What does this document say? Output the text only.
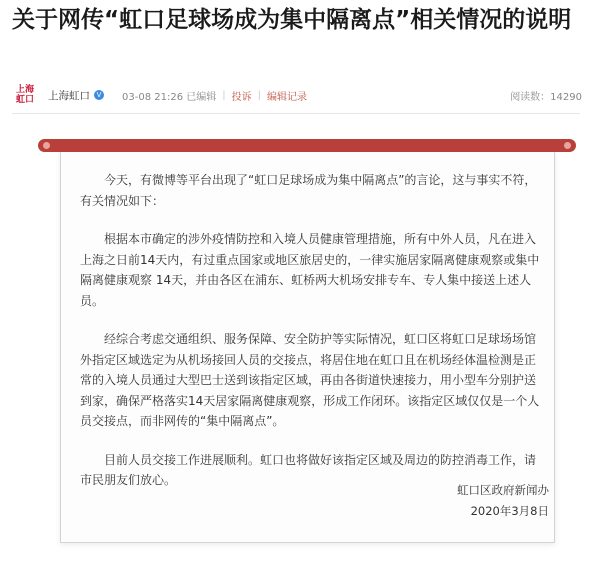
关于网传“虹口足球场成为集中隔离点”相关情况的说明
上海
虹口 上海虹口 V 03-08 21:26 已编辑 | 投诉 | 编辑记录	阅读数：14290

今天，有微博等平台出现了“虹口足球场成为集中隔离点”的言论，这与事实不符，有关情况如下：

根据本市确定的涉外疫情防控和入境人员健康管理措施，所有中外人员，凡在进入上海之日前14天内，有过重点国家或地区旅居史的，一律实施居家隔离健康观察或集中隔离健康观察 14天，并由各区在浦东、虹桥两大机场安排专车、专人集中接送上述人员。

经综合考虑交通组织、服务保障、安全防护等实际情况，虹口区将虹口足球场场馆外指定区域选定为从机场接回人员的交接点，将居住地在虹口且在机场经体温检测是正常的入境人员通过大型巴士送到该指定区域，再由各街道快速接力，用小型车分别护送到家，确保严格落实14天居家隔离健康观察，形成工作闭环。该指定区域仅仅是一个人员交接点，而非网传的“集中隔离点”。

目前人员交接工作进展顺利。虹口也将做好该指定区域及周边的防控消毒工作，请市民朋友们放心。

虹口区政府新闻办
2020年3月8日
